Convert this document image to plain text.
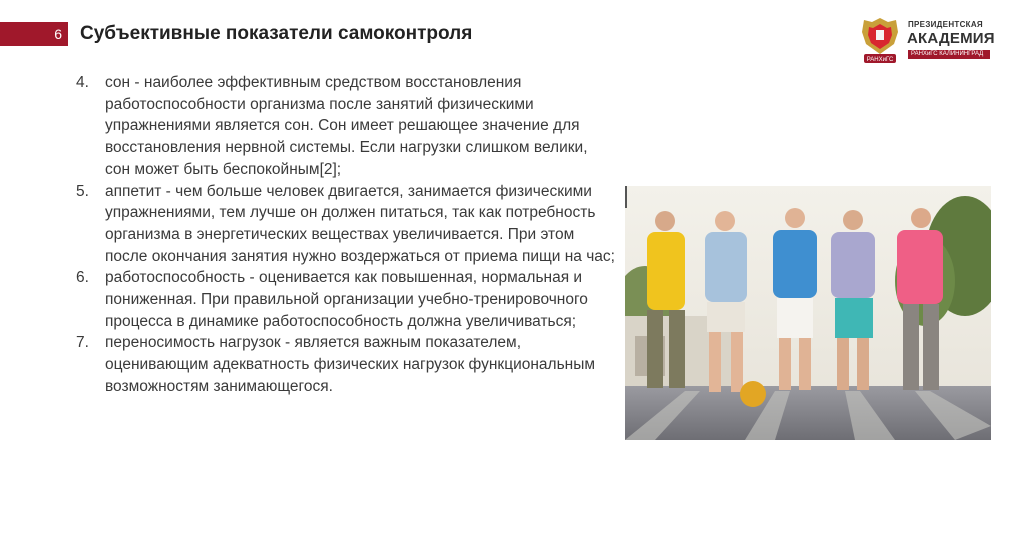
6 Субъективные показатели самоконтроля
РАНХиГС
ПРЕЗИДЕНТСКАЯ
АКАДЕМИЯ
РАНХиГС КАЛИНИНГРАД
4. сон - наиболее эффективным средством восстановления работоспособности организма после занятий физическими упражнениями является сон. Сон имеет решающее значение для восстановления нервной системы. Если нагрузки слишком велики, сон может быть беспокойным[2];
5. аппетит - чем больше человек двигается, занимается физическими упражнениями, тем лучше он должен питаться, так как потребность организма в энергетических веществах увеличивается. При этом после окончания занятия нужно воздержаться от приема пищи на час;
6. работоспособность - оценивается как повышенная, нормальная и пониженная. При правильной организации учебно-тренировочного процесса в динамике работоспособность должна увеличиваться;
7. переносимость нагрузок - является важным показателем, оценивающим адекватность физических нагрузок функциональным возможностям занимающегося.
